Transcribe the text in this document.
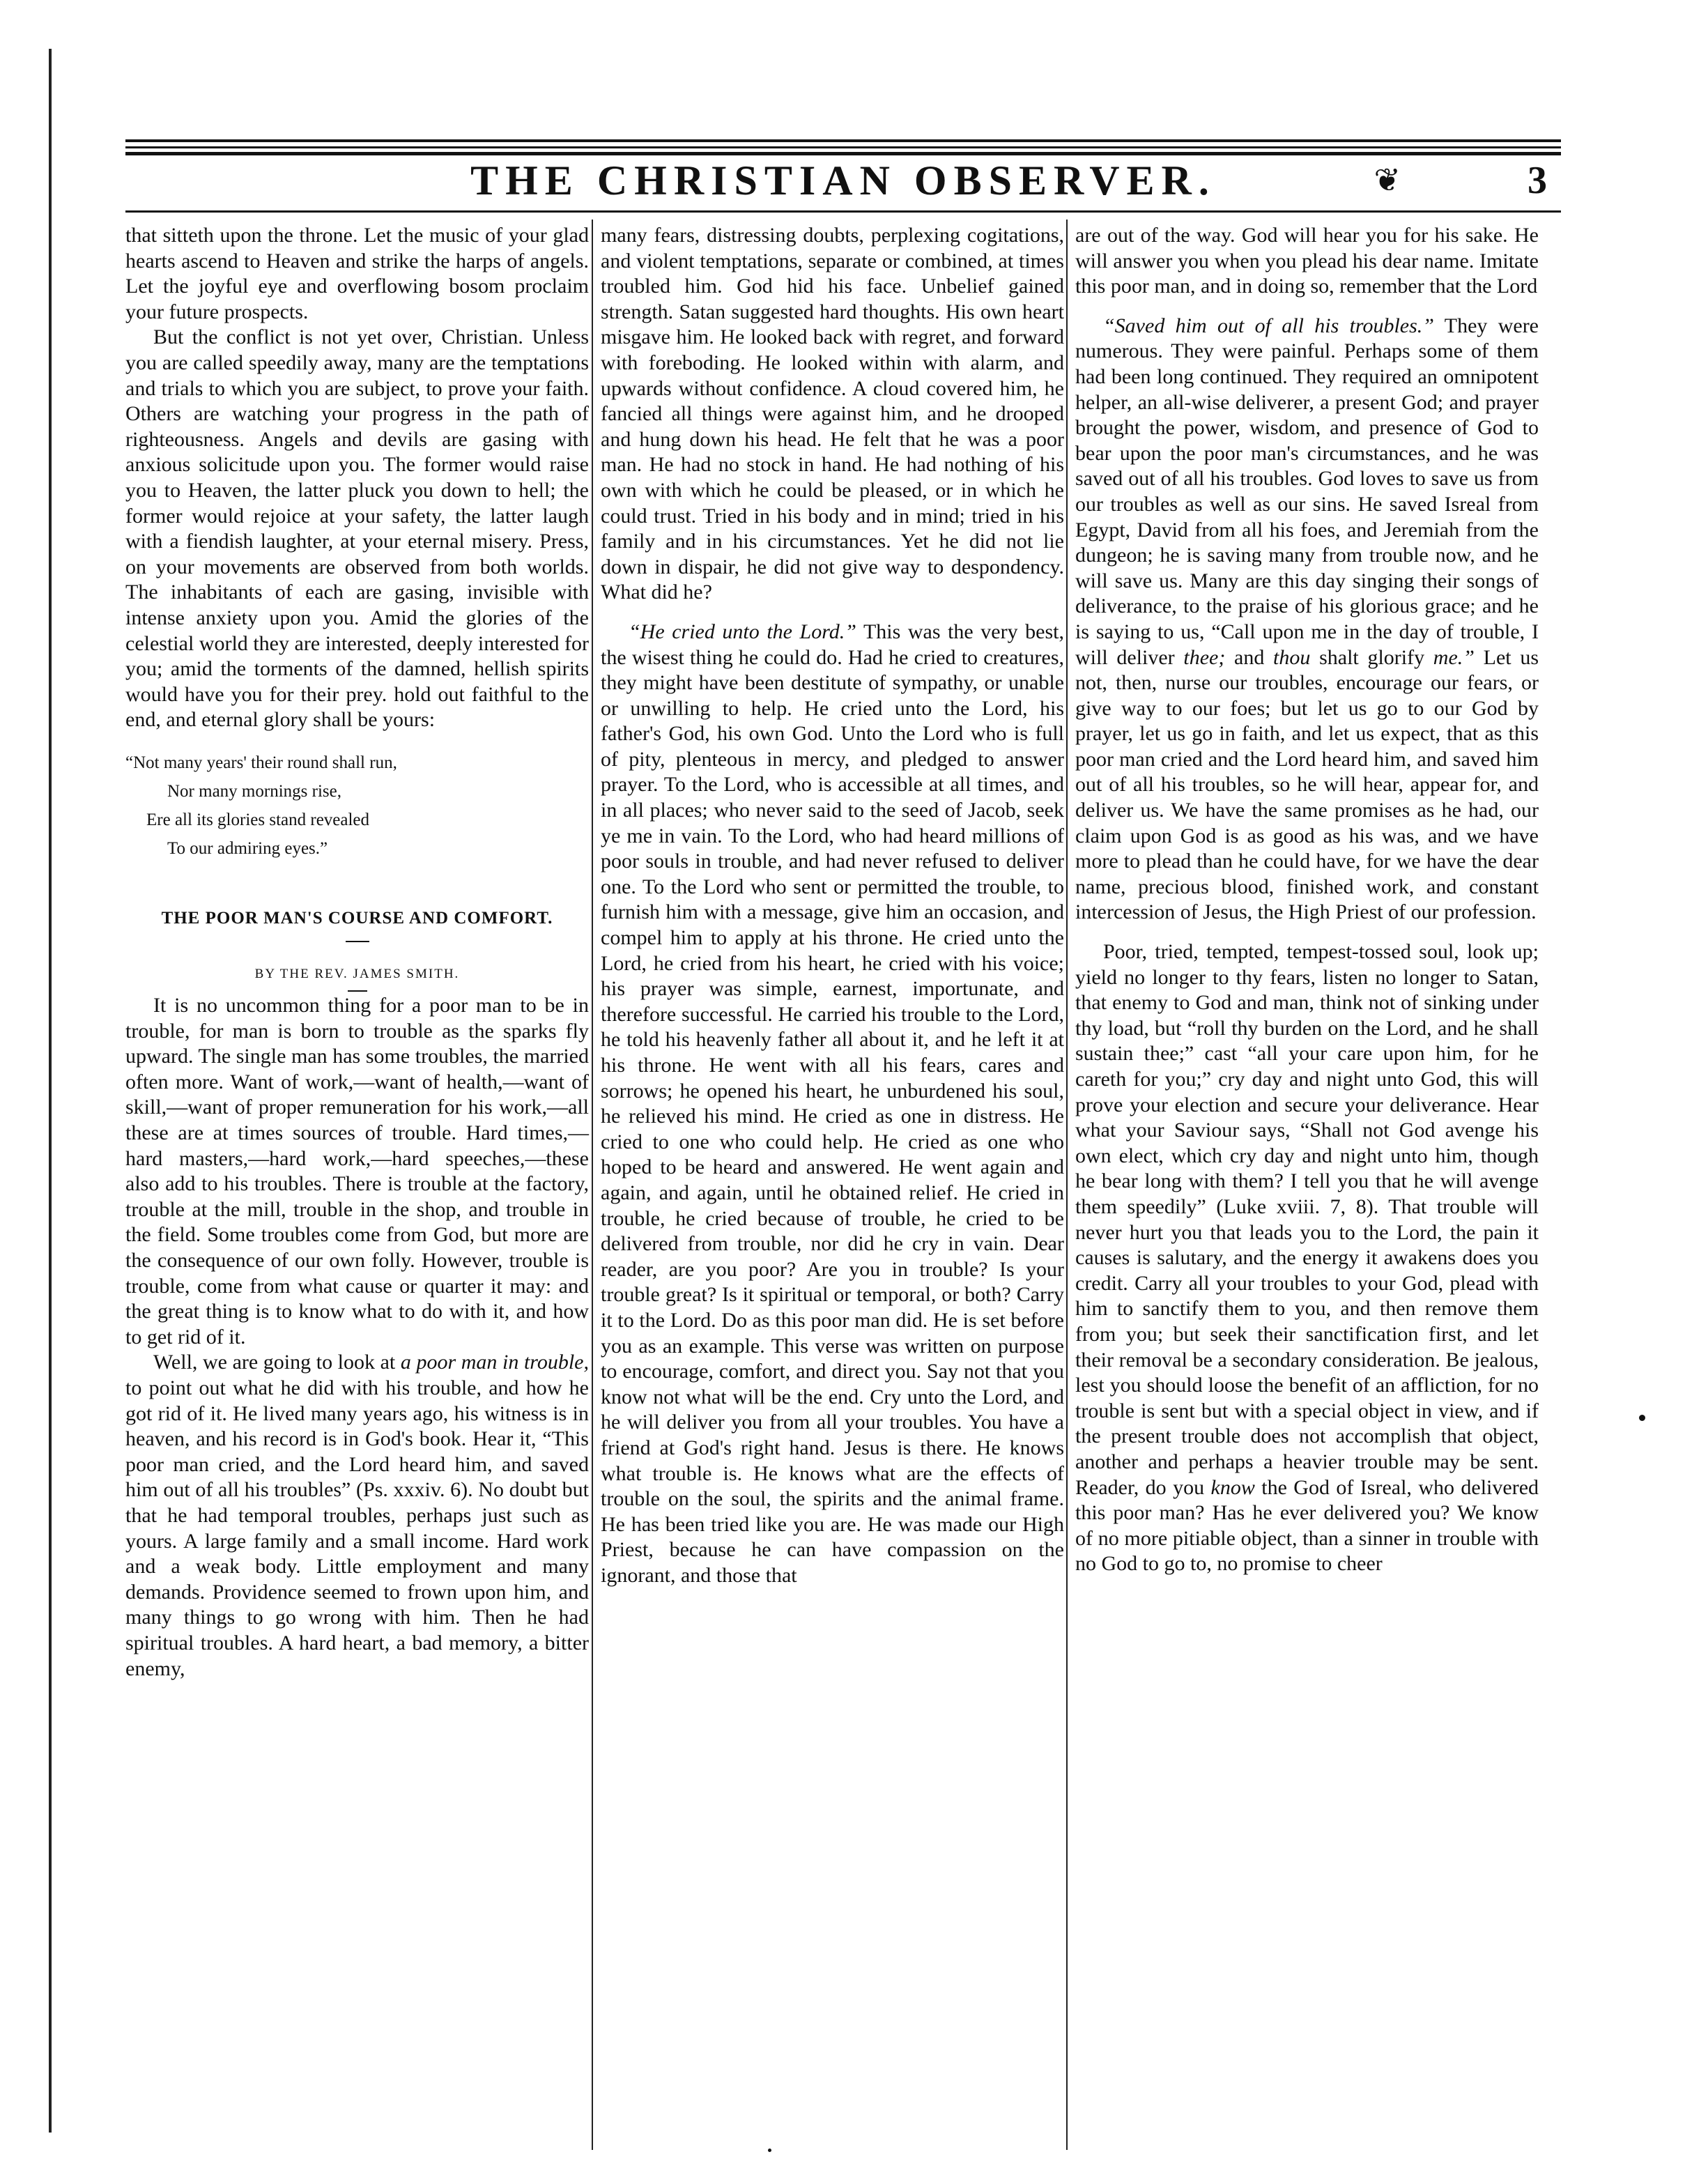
THE CHRISTIAN OBSERVER.	❦	3

that sitteth upon the throne. Let the music of your glad hearts ascend to Heaven and strike the harps of angels. Let the joyful eye and overflowing bosom proclaim your future prospects.

But the conflict is not yet over, Christian. Unless you are called speedily away, many are the temptations and trials to which you are subject, to prove your faith. Others are watching your progress in the path of righteousness. Angels and devils are gasing with anxious solicitude upon you. The former would raise you to Heaven, the latter pluck you down to hell; the former would rejoice at your safety, the latter laugh with a fiendish laughter, at your eternal misery. Press, on your movements are observed from both worlds. The inhabitants of each are gasing, invisible with intense anxiety upon you. Amid the glories of the celestial world they are interested, deeply interested for you; amid the torments of the damned, hellish spirits would have you for their prey. hold out faithful to the end, and eternal glory shall be yours:

“Not many years' their round shall run,
Nor many mornings rise,
Ere all its glories stand revealed
To our admiring eyes.”
THE POOR MAN'S COURSE AND COMFORT.
BY THE REV. JAMES SMITH.

It is no uncommon thing for a poor man to be in trouble, for man is born to trouble as the sparks fly upward. The single man has some troubles, the married often more. Want of work,—want of health,—want of skill,—want of proper remuneration for his work,—all these are at times sources of trouble. Hard times,—hard masters,—hard work,—hard speeches,—these also add to his troubles. There is trouble at the factory, trouble at the mill, trouble in the shop, and trouble in the field. Some troubles come from God, but more are the consequence of our own folly. However, trouble is trouble, come from what cause or quarter it may: and the great thing is to know what to do with it, and how to get rid of it.

Well, we are going to look at a poor man in trouble, to point out what he did with his trouble, and how he got rid of it. He lived many years ago, his witness is in heaven, and his record is in God's book. Hear it, “This poor man cried, and the Lord heard him, and saved him out of all his troubles” (Ps. xxxiv. 6). No doubt but that he had temporal troubles, perhaps just such as yours. A large family and a small income. Hard work and a weak body. Little employment and many demands. Providence seemed to frown upon him, and many things to go wrong with him. Then he had spiritual troubles. A hard heart, a bad memory, a bitter enemy,

many fears, distressing doubts, perplexing cogitations, and violent temptations, separate or combined, at times troubled him. God hid his face. Unbelief gained strength. Satan suggested hard thoughts. His own heart misgave him. He looked back with regret, and forward with foreboding. He looked within with alarm, and upwards without confidence. A cloud covered him, he fancied all things were against him, and he drooped and hung down his head. He felt that he was a poor man. He had no stock in hand. He had nothing of his own with which he could be pleased, or in which he could trust. Tried in his body and in mind; tried in his family and in his circumstances. Yet he did not lie down in dispair, he did not give way to despondency. What did he?

“He cried unto the Lord.” This was the very best, the wisest thing he could do. Had he cried to creatures, they might have been destitute of sympathy, or unable or unwilling to help. He cried unto the Lord, his father's God, his own God. Unto the Lord who is full of pity, plenteous in mercy, and pledged to answer prayer. To the Lord, who is accessible at all times, and in all places; who never said to the seed of Jacob, seek ye me in vain. To the Lord, who had heard millions of poor souls in trouble, and had never refused to deliver one. To the Lord who sent or permitted the trouble, to furnish him with a message, give him an occasion, and compel him to apply at his throne. He cried unto the Lord, he cried from his heart, he cried with his voice; his prayer was simple, earnest, importunate, and therefore successful. He carried his trouble to the Lord, he told his heavenly father all about it, and he left it at his throne. He went with all his fears, cares and sorrows; he opened his heart, he unburdened his soul, he relieved his mind. He cried as one in distress. He cried to one who could help. He cried as one who hoped to be heard and answered. He went again and again, and again, until he obtained relief. He cried in trouble, he cried because of trouble, he cried to be delivered from trouble, nor did he cry in vain. Dear reader, are you poor? Are you in trouble? Is your trouble great? Is it spiritual or temporal, or both? Carry it to the Lord. Do as this poor man did. He is set before you as an example. This verse was written on purpose to encourage, comfort, and direct you. Say not that you know not what will be the end. Cry unto the Lord, and he will deliver you from all your troubles. You have a friend at God's right hand. Jesus is there. He knows what trouble is. He knows what are the effects of trouble on the soul, the spirits and the animal frame. He has been tried like you are. He was made our High Priest, because he can have compassion on the ignorant, and those that

are out of the way. God will hear you for his sake. He will answer you when you plead his dear name. Imitate this poor man, and in doing so, remember that the Lord

“Saved him out of all his troubles.” They were numerous. They were painful. Perhaps some of them had been long continued. They required an omnipotent helper, an all-wise deliverer, a present God; and prayer brought the power, wisdom, and presence of God to bear upon the poor man's circumstances, and he was saved out of all his troubles. God loves to save us from our troubles as well as our sins. He saved Isreal from Egypt, David from all his foes, and Jeremiah from the dungeon; he is saving many from trouble now, and he will save us. Many are this day singing their songs of deliverance, to the praise of his glorious grace; and he is saying to us, “Call upon me in the day of trouble, I will deliver thee; and thou shalt glorify me.” Let us not, then, nurse our troubles, encourage our fears, or give way to our foes; but let us go to our God by prayer, let us go in faith, and let us expect, that as this poor man cried and the Lord heard him, and saved him out of all his troubles, so he will hear, appear for, and deliver us. We have the same promises as he had, our claim upon God is as good as his was, and we have more to plead than he could have, for we have the dear name, precious blood, finished work, and constant intercession of Jesus, the High Priest of our profession.

Poor, tried, tempted, tempest-tossed soul, look up; yield no longer to thy fears, listen no longer to Satan, that enemy to God and man, think not of sinking under thy load, but “roll thy burden on the Lord, and he shall sustain thee;” cast “all your care upon him, for he careth for you;” cry day and night unto God, this will prove your election and secure your deliverance. Hear what your Saviour says, “Shall not God avenge his own elect, which cry day and night unto him, though he bear long with them? I tell you that he will avenge them speedily” (Luke xviii. 7, 8). That trouble will never hurt you that leads you to the Lord, the pain it causes is salutary, and the energy it awakens does you credit. Carry all your troubles to your God, plead with him to sanctify them to you, and then remove them from you; but seek their sanctification first, and let their removal be a secondary consideration. Be jealous, lest you should loose the benefit of an affliction, for no trouble is sent but with a special object in view, and if the present trouble does not accomplish that object, another and perhaps a heavier trouble may be sent. Reader, do you know the God of Isreal, who delivered this poor man? Has he ever delivered you? We know of no more pitiable object, than a sinner in trouble with no God to go to, no promise to cheer
